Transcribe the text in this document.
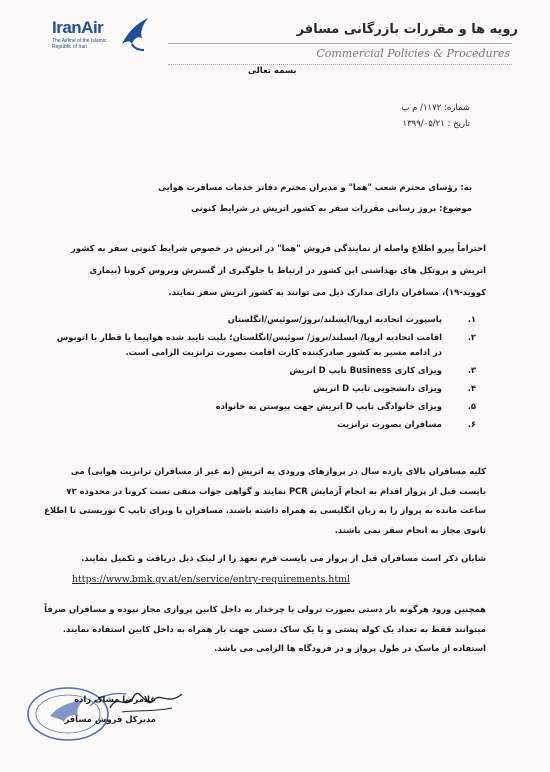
IranAir
The Airline of the Islamic Republic of Iran
رویه ها و مقررات بازرگانی مسافر
Commercial Policies & Procedures
بسمه تعالی
شماره: ۱۱۷۲/ م پ
تاریخ : ۱۳۹۹/۰۵/۲۱
به: رؤسای محترم شعب "هما" و مدیران محترم دفاتر خدمات مسافرت هوایی
موضوع: بروز رسانی مقررات سفر به کشور اتریش در شرایط کنونی
احتراماً پیرو اطلاع واصله از نمایندگی فروش "هما" در اتریش در خصوص شرایط کنونی سفر به کشور اتریش و پروتکل های بهداشتی این کشور در ارتباط با جلوگیری از گسترش ویروس کرونا (بیماری کووید-۱۹)، مسافران دارای مدارک ذیل می توانند به کشور اتریش سفر نمایند.
۱.
پاسپورت اتحادیه اروپا/ایسلند/نروژ/سوئیس/انگلستان
۲.
اقامت اتحادیه اروپا/ ایسلند/نروژ/ سوئیس/انگلستان؛ بلیت تایید شده هواپیما یا قطار یا اتوبوس در ادامه مسیر به کشور صادرکننده کارت اقامت بصورت ترانزیت الزامی است.
۳.
ویزای کاری Business تایپ D اتریش
۴.
ویزای دانشجویی تایپ D اتریش
۵.
ویزای خانوادگی تایپ D اتریش جهت پیوستن به خانواده
۶.
مسافران بصورت ترانزیت
کلیه مسافران بالای یازده سال در پروازهای ورودی به اتریش (به غیر از مسافران ترانزیت هوایی) می بایست قبل از پرواز اقدام به انجام آزمایش PCR نمایند و گواهی جواب منفی تست کرونا در محدوده ۷۲ ساعت مانده به پرواز را به زبان انگلیسی به همراه داشته باشند. مسافران با ویزای تایپ C توریستی تا اطلاع ثانوی مجاز به انجام سفر نمی باشند.
شایان ذکر است مسافران قبل از پرواز می بایست فرم تعهد را از لینک ذیل دریافت و تکمیل نمایند.
https://www.bmk.gv.at/en/service/entry-requirements.html
همچنین ورود هرگونه بار دستی بصورت ترولی یا چرخدار به داخل کابین پروازی مجاز نبوده و مسافران صرفاً میتوانند فقط به تعداد یک کوله پشتی و یا یک ساک دستی جهت بار همراه به داخل کابین استفاده نمایند. استفاده از ماسک در طول پرواز و در فرودگاه ها الزامی می باشد.
غلامرضا مشاک زاده
مدیرکل فروش مسافر
